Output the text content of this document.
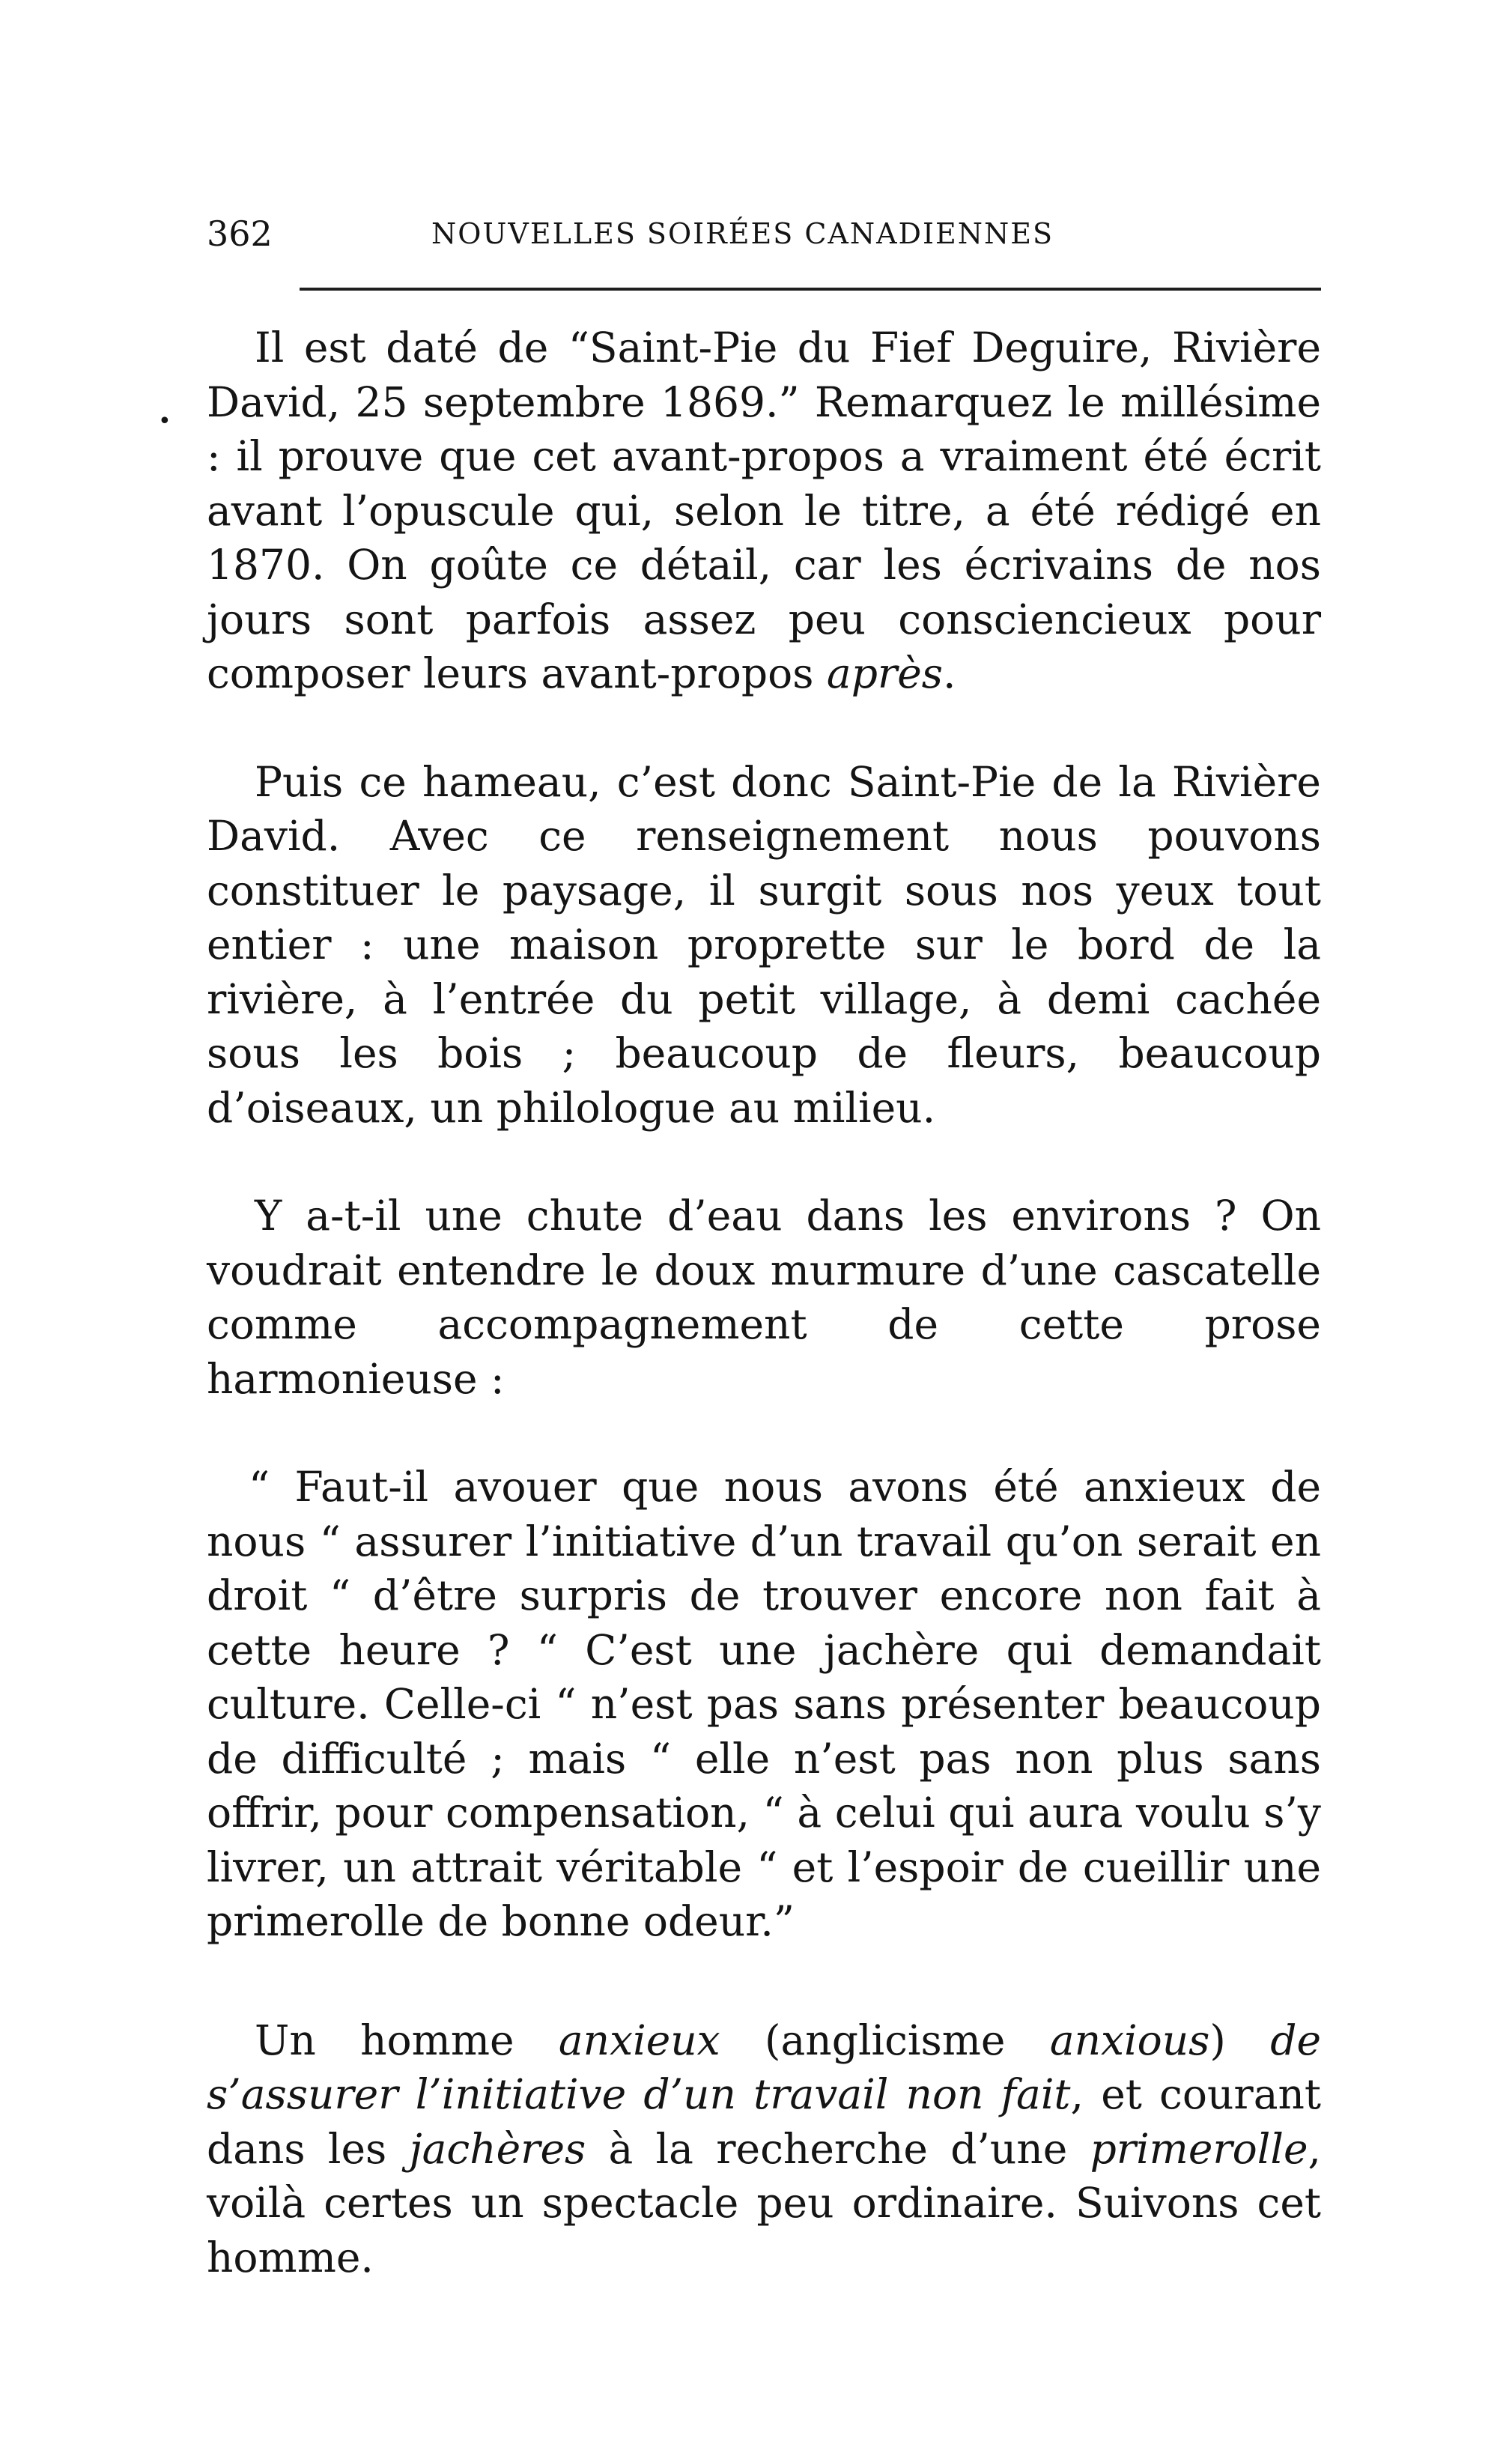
362	NOUVELLES SOIRÉES CANADIENNES
•

Il est daté de “Saint-Pie du Fief Deguire, Rivière David, 25 septembre 1869.” Remarquez le millésime : il prouve que cet avant-propos a vraiment été écrit avant l’opuscule qui, selon le titre, a été rédigé en 1870. On goûte ce détail, car les écrivains de nos jours sont parfois assez peu consciencieux pour composer leurs avant-propos après.

Puis ce hameau, c’est donc Saint-Pie de la Rivière David. Avec ce renseignement nous pouvons constituer le paysage, il surgit sous nos yeux tout entier : une maison proprette sur le bord de la rivière, à l’entrée du petit village, à demi cachée sous les bois ; beaucoup de fleurs, beaucoup d’oiseaux, un philologue au milieu.

Y a-t-il une chute d’eau dans les environs ? On voudrait entendre le doux murmure d’une cascatelle comme accompagnement de cette prose harmonieuse :

“ Faut-il avouer que nous avons été anxieux de nous “ assurer l’initiative d’un travail qu’on serait en droit “ d’être surpris de trouver encore non fait à cette heure ? “ C’est une jachère qui demandait culture. Celle-ci “ n’est pas sans présenter beaucoup de difficulté ; mais “ elle n’est pas non plus sans offrir, pour compensation, “ à celui qui aura voulu s’y livrer, un attrait véritable “ et l’espoir de cueillir une primerolle de bonne odeur.”

Un homme anxieux (anglicisme anxious) de s’assurer l’initiative d’un travail non fait, et courant dans les jachères à la recherche d’une primerolle, voilà certes un spectacle peu ordinaire. Suivons cet homme.
